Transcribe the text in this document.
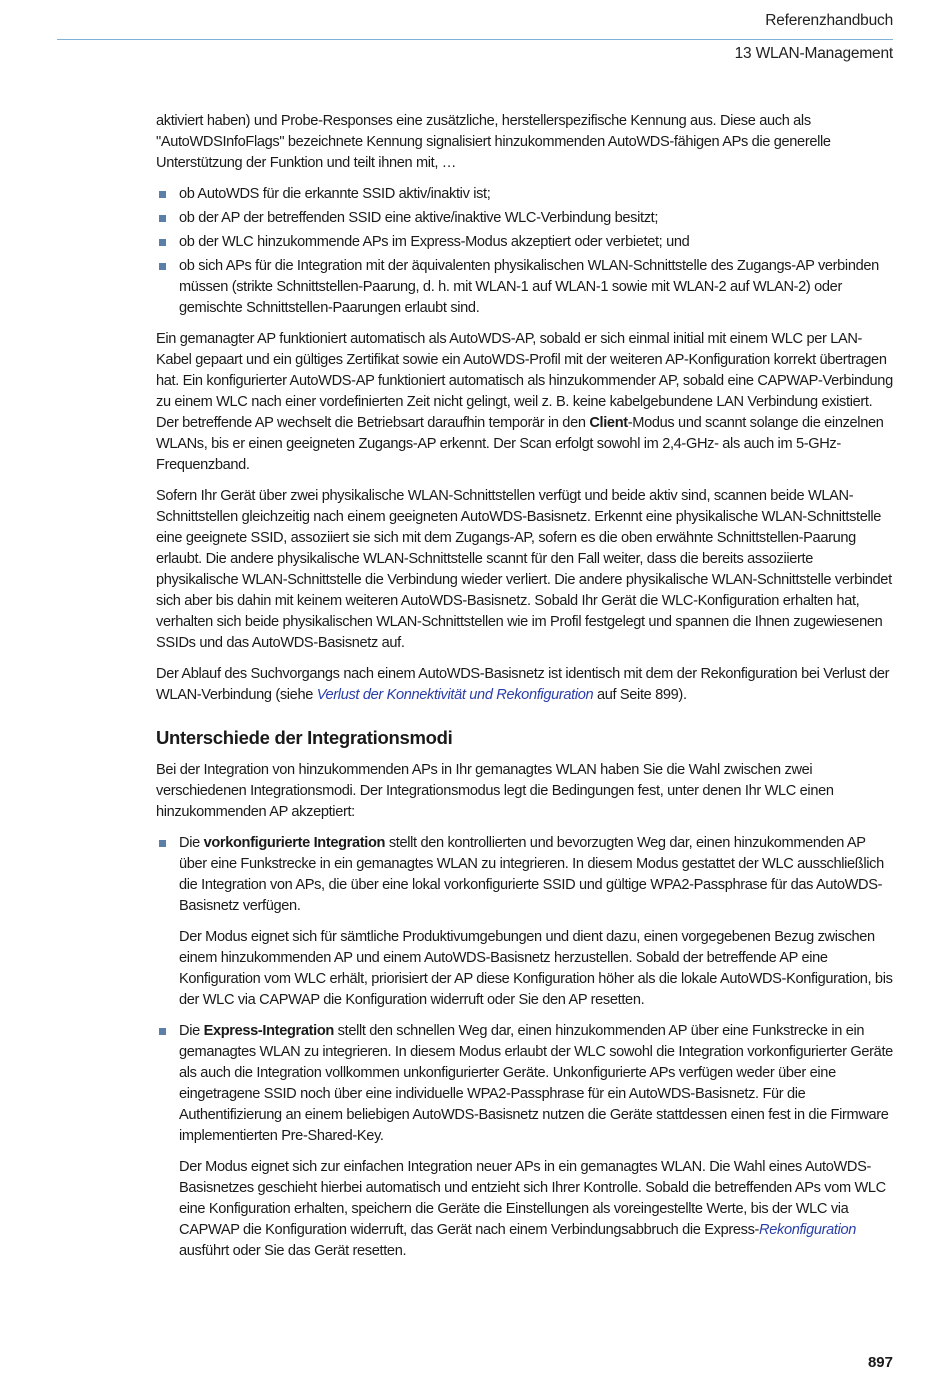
Referenzhandbuch
13 WLAN-Management

aktiviert haben) und Probe-Responses eine zusätzliche, herstellerspezifische Kennung aus. Diese auch als "AutoWDSInfoFlags" bezeichnete Kennung signalisiert hinzukommenden AutoWDS-fähigen APs die generelle Unterstützung der Funktion und teilt ihnen mit, …

ob AutoWDS für die erkannte SSID aktiv/inaktiv ist;
ob der AP der betreffenden SSID eine aktive/inaktive WLC-Verbindung besitzt;
ob der WLC hinzukommende APs im Express-Modus akzeptiert oder verbietet; und
ob sich APs für die Integration mit der äquivalenten physikalischen WLAN-Schnittstelle des Zugangs-AP verbinden müssen (strikte Schnittstellen-Paarung, d. h. mit WLAN-1 auf WLAN-1 sowie mit WLAN-2 auf WLAN-2) oder gemischte Schnittstellen-Paarungen erlaubt sind.

Ein gemanagter AP funktioniert automatisch als AutoWDS-AP, sobald er sich einmal initial mit einem WLC per LAN-Kabel gepaart und ein gültiges Zertifikat sowie ein AutoWDS-Profil mit der weiteren AP-Konfiguration korrekt übertragen hat. Ein konfigurierter AutoWDS-AP funktioniert automatisch als hinzukommender AP, sobald eine CAPWAP-Verbindung zu einem WLC nach einer vordefinierten Zeit nicht gelingt, weil z. B. keine kabelgebundene LAN Verbindung existiert. Der betreffende AP wechselt die Betriebsart daraufhin temporär in den Client-Modus und scannt solange die einzelnen WLANs, bis er einen geeigneten Zugangs-AP erkennt. Der Scan erfolgt sowohl im 2,4-GHz- als auch im 5-GHz-Frequenzband.

Sofern Ihr Gerät über zwei physikalische WLAN-Schnittstellen verfügt und beide aktiv sind, scannen beide WLAN-Schnittstellen gleichzeitig nach einem geeigneten AutoWDS-Basisnetz. Erkennt eine physikalische WLAN-Schnittstelle eine geeignete SSID, assoziiert sie sich mit dem Zugangs-AP, sofern es die oben erwähnte Schnittstellen-Paarung erlaubt. Die andere physikalische WLAN-Schnittstelle scannt für den Fall weiter, dass die bereits assoziierte physikalische WLAN-Schnittstelle die Verbindung wieder verliert. Die andere physikalische WLAN-Schnittstelle verbindet sich aber bis dahin mit keinem weiteren AutoWDS-Basisnetz. Sobald Ihr Gerät die WLC-Konfiguration erhalten hat, verhalten sich beide physikalischen WLAN-Schnittstellen wie im Profil festgelegt und spannen die Ihnen zugewiesenen SSIDs und das AutoWDS-Basisnetz auf.

Der Ablauf des Suchvorgangs nach einem AutoWDS-Basisnetz ist identisch mit dem der Rekonfiguration bei Verlust der WLAN-Verbindung (siehe Verlust der Konnektivität und Rekonfiguration auf Seite 899).

Unterschiede der Integrationsmodi

Bei der Integration von hinzukommenden APs in Ihr gemanagtes WLAN haben Sie die Wahl zwischen zwei verschiedenen Integrationsmodi. Der Integrationsmodus legt die Bedingungen fest, unter denen Ihr WLC einen hinzukommenden AP akzeptiert:

Die vorkonfigurierte Integration stellt den kontrollierten und bevorzugten Weg dar, einen hinzukommenden AP über eine Funkstrecke in ein gemanagtes WLAN zu integrieren. In diesem Modus gestattet der WLC ausschließlich die Integration von APs, die über eine lokal vorkonfigurierte SSID und gültige WPA2-Passphrase für das AutoWDS-Basisnetz verfügen.

Der Modus eignet sich für sämtliche Produktivumgebungen und dient dazu, einen vorgegebenen Bezug zwischen einem hinzukommenden AP und einem AutoWDS-Basisnetz herzustellen. Sobald der betreffende AP eine Konfiguration vom WLC erhält, priorisiert der AP diese Konfiguration höher als die lokale AutoWDS-Konfiguration, bis der WLC via CAPWAP die Konfiguration widerruft oder Sie den AP resetten.

Die Express-Integration stellt den schnellen Weg dar, einen hinzukommenden AP über eine Funkstrecke in ein gemanagtes WLAN zu integrieren. In diesem Modus erlaubt der WLC sowohl die Integration vorkonfigurierter Geräte als auch die Integration vollkommen unkonfigurierter Geräte. Unkonfigurierte APs verfügen weder über eine eingetragene SSID noch über eine individuelle WPA2-Passphrase für ein AutoWDS-Basisnetz. Für die Authentifizierung an einem beliebigen AutoWDS-Basisnetz nutzen die Geräte stattdessen einen fest in die Firmware implementierten Pre-Shared-Key.

Der Modus eignet sich zur einfachen Integration neuer APs in ein gemanagtes WLAN. Die Wahl eines AutoWDS-Basisnetzes geschieht hierbei automatisch und entzieht sich Ihrer Kontrolle. Sobald die betreffenden APs vom WLC eine Konfiguration erhalten, speichern die Geräte die Einstellungen als voreingestellte Werte, bis der WLC via CAPWAP die Konfiguration widerruft, das Gerät nach einem Verbindungsabbruch die Express-Rekonfiguration ausführt oder Sie das Gerät resetten.

897
